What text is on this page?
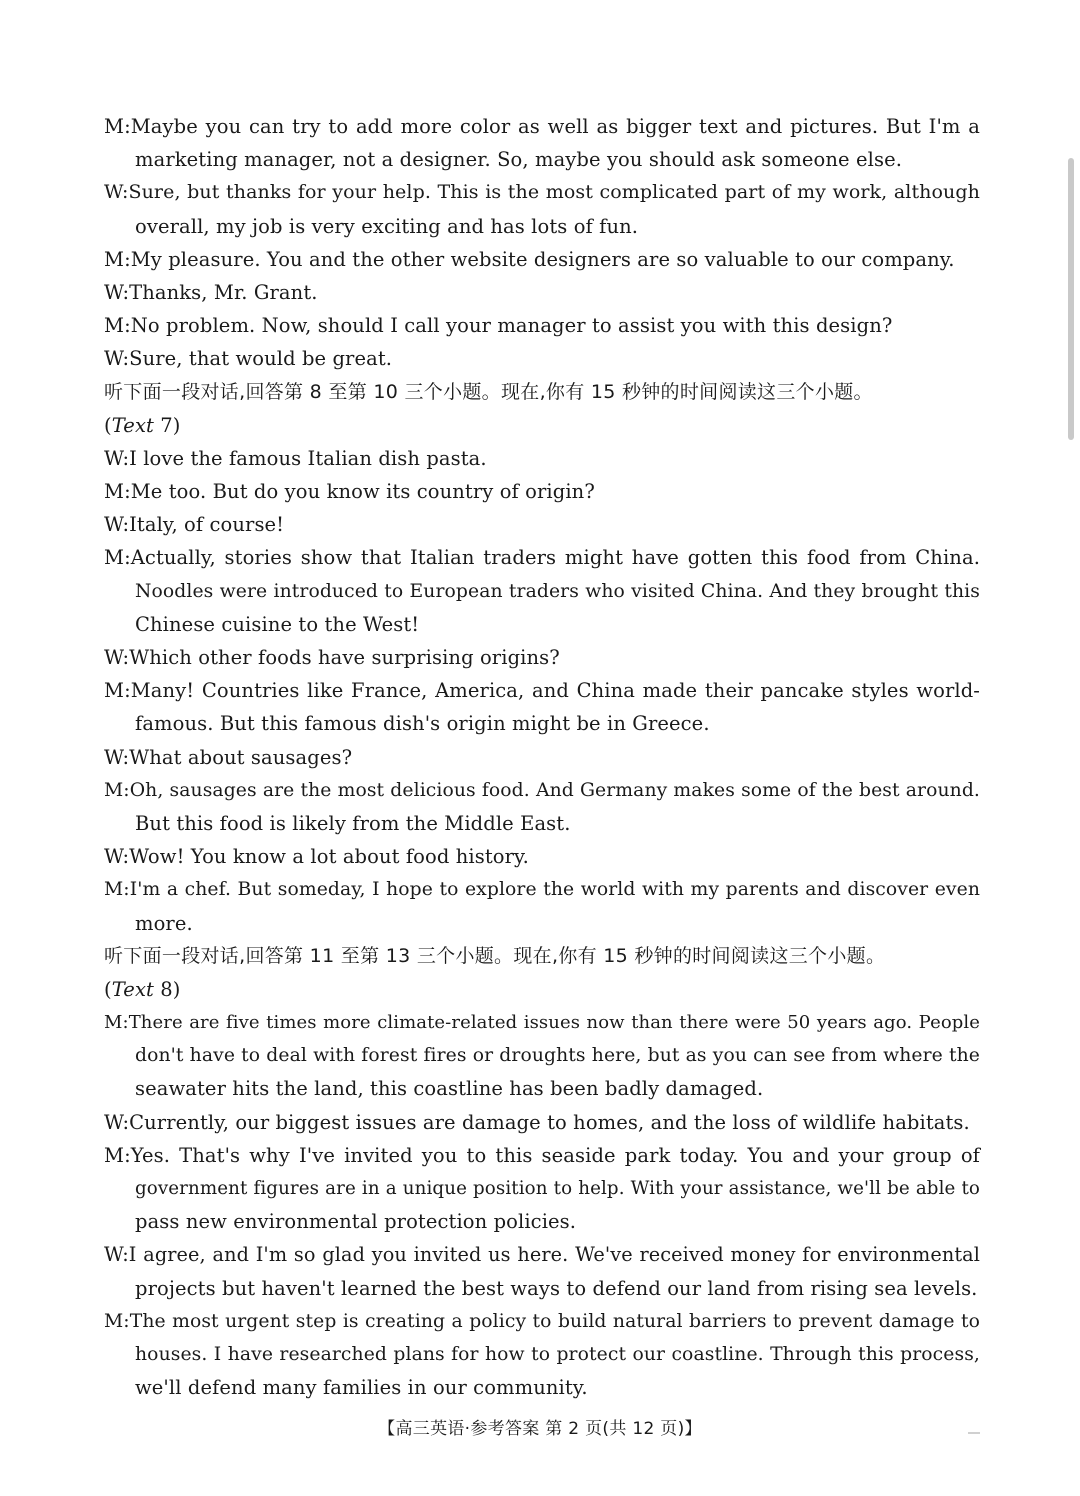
M:Maybe you can try to add more color as well as bigger text and pictures. But I'm a
marketing manager, not a designer. So, maybe you should ask someone else.
W:Sure, but thanks for your help. This is the most complicated part of my work, although
overall, my job is very exciting and has lots of fun.
M:My pleasure. You and the other website designers are so valuable to our company.
W:Thanks, Mr. Grant.
M:No problem. Now, should I call your manager to assist you with this design?
W:Sure, that would be great.
听下面一段对话,回答第 8 至第 10 三个小题。现在,你有 15 秒钟的时间阅读这三个小题。
(Text 7)
W:I love the famous Italian dish pasta.
M:Me too. But do you know its country of origin?
W:Italy, of course!
M:Actually, stories show that Italian traders might have gotten this food from China.
Noodles were introduced to European traders who visited China. And they brought this
Chinese cuisine to the West!
W:Which other foods have surprising origins?
M:Many! Countries like France, America, and China made their pancake styles world-
famous. But this famous dish's origin might be in Greece.
W:What about sausages?
M:Oh, sausages are the most delicious food. And Germany makes some of the best around.
But this food is likely from the Middle East.
W:Wow! You know a lot about food history.
M:I'm a chef. But someday, I hope to explore the world with my parents and discover even
more.
听下面一段对话,回答第 11 至第 13 三个小题。现在,你有 15 秒钟的时间阅读这三个小题。
(Text 8)
M:There are five times more climate-related issues now than there were 50 years ago. People
don't have to deal with forest fires or droughts here, but as you can see from where the
seawater hits the land, this coastline has been badly damaged.
W:Currently, our biggest issues are damage to homes, and the loss of wildlife habitats.
M:Yes. That's why I've invited you to this seaside park today. You and your group of
government figures are in a unique position to help. With your assistance, we'll be able to
pass new environmental protection policies.
W:I agree, and I'm so glad you invited us here. We've received money for environmental
projects but haven't learned the best ways to defend our land from rising sea levels.
M:The most urgent step is creating a policy to build natural barriers to prevent damage to
houses. I have researched plans for how to protect our coastline. Through this process,
we'll defend many families in our community.
【高三英语·参考答案 第 2 页(共 12 页)】
